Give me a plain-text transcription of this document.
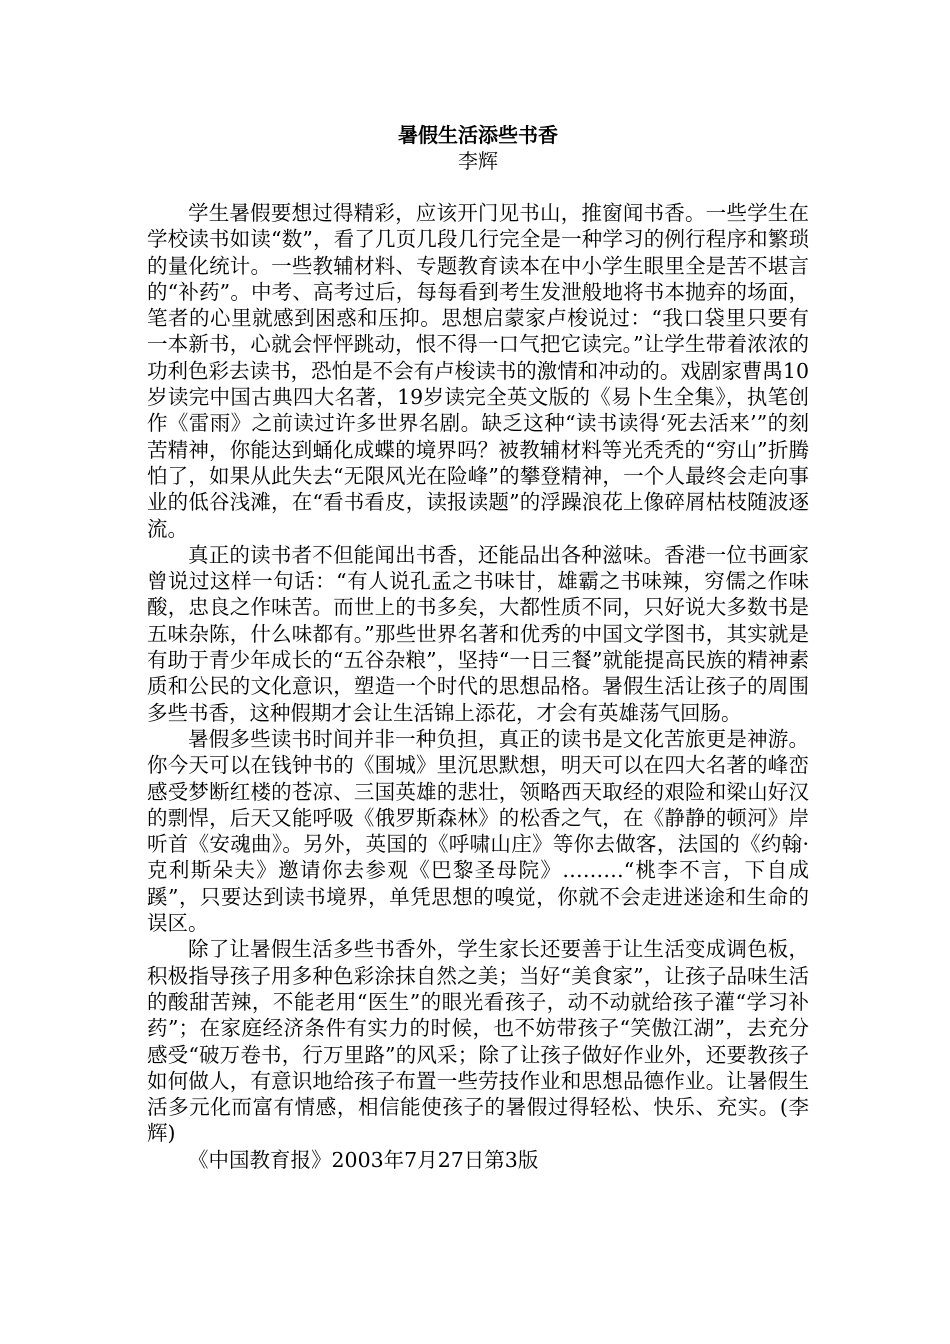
暑假生活添些书香
李辉

学生暑假要想过得精彩，应该开门见书山，推窗闻书香。一些学生在学校读书如读“数”，看了几页几段几行完全是一种学习的例行程序和繁琐的量化统计。一些教辅材料、专题教育读本在中小学生眼里全是苦不堪言的“补药”。中考、高考过后，每每看到考生发泄般地将书本抛弃的场面，笔者的心里就感到困惑和压抑。思想启蒙家卢梭说过：“我口袋里只要有一本新书，心就会怦怦跳动，恨不得一口气把它读完。”让学生带着浓浓的功利色彩去读书，恐怕是不会有卢梭读书的激情和冲动的。戏剧家曹禺10岁读完中国古典四大名著，19岁读完全英文版的《易卜生全集》，执笔创作《雷雨》之前读过许多世界名剧。缺乏这种“读书读得‘死去活来’”的刻苦精神，你能达到蛹化成蝶的境界吗？被教辅材料等光秃秃的“穷山”折腾怕了，如果从此失去“无限风光在险峰”的攀登精神，一个人最终会走向事业的低谷浅滩，在“看书看皮，读报读题”的浮躁浪花上像碎屑枯枝随波逐流。

真正的读书者不但能闻出书香，还能品出各种滋味。香港一位书画家曾说过这样一句话：“有人说孔孟之书味甘，雄霸之书味辣，穷儒之作味酸，忠良之作味苦。而世上的书多矣，大都性质不同，只好说大多数书是五味杂陈，什么味都有。”那些世界名著和优秀的中国文学图书，其实就是有助于青少年成长的“五谷杂粮”，坚持“一日三餐”就能提高民族的精神素质和公民的文化意识，塑造一个时代的思想品格。暑假生活让孩子的周围多些书香，这种假期才会让生活锦上添花，才会有英雄荡气回肠。

暑假多些读书时间并非一种负担，真正的读书是文化苦旅更是神游。你今天可以在钱钟书的《围城》里沉思默想，明天可以在四大名著的峰峦感受梦断红楼的苍凉、三国英雄的悲壮，领略西天取经的艰险和梁山好汉的剽悍，后天又能呼吸《俄罗斯森林》的松香之气，在《静静的顿河》岸听首《安魂曲》。另外，英国的《呼啸山庄》等你去做客，法国的《约翰·克利斯朵夫》邀请你去参观《巴黎圣母院》………“桃李不言，下自成蹊”，只要达到读书境界，单凭思想的嗅觉，你就不会走进迷途和生命的误区。

除了让暑假生活多些书香外，学生家长还要善于让生活变成调色板，积极指导孩子用多种色彩涂抹自然之美；当好“美食家”，让孩子品味生活的酸甜苦辣，不能老用“医生”的眼光看孩子，动不动就给孩子灌“学习补药”；在家庭经济条件有实力的时候，也不妨带孩子“笑傲江湖”，去充分感受“破万卷书，行万里路”的风采；除了让孩子做好作业外，还要教孩子如何做人，有意识地给孩子布置一些劳技作业和思想品德作业。让暑假生活多元化而富有情感，相信能使孩子的暑假过得轻松、快乐、充实。(李辉)

《中国教育报》2003年7月27日第3版
